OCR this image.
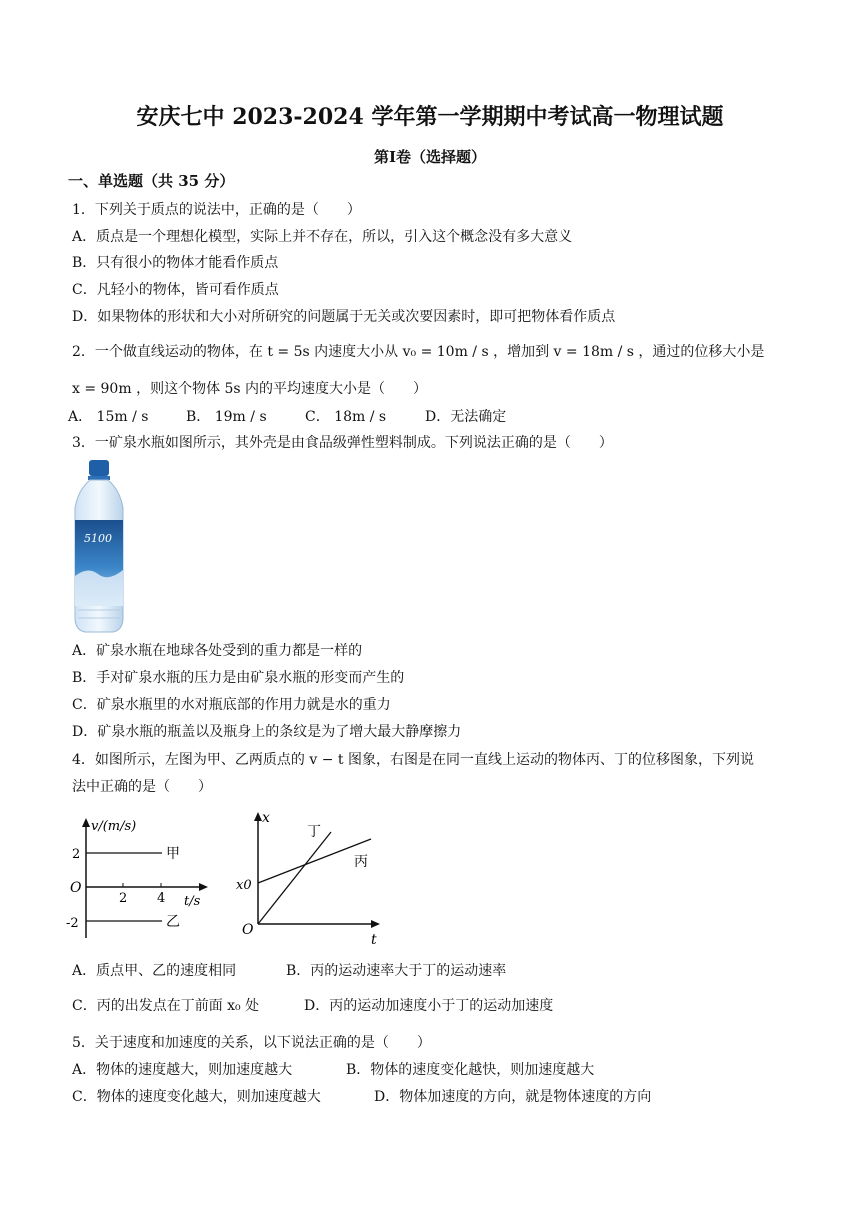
安庆七中 2023-2024 学年第一学期期中考试高一物理试题
第Ⅰ卷（选择题）
一、单选题（共 35 分）
1．下列关于质点的说法中，正确的是（　　）
A．质点是一个理想化模型，实际上并不存在，所以，引入这个概念没有多大意义
B．只有很小的物体才能看作质点
C．凡轻小的物体，皆可看作质点
D．如果物体的形状和大小对所研究的问题属于无关或次要因素时，即可把物体看作质点
2．一个做直线运动的物体，在 t = 5s 内速度大小从 v₀ = 10m / s ，增加到 v = 18m / s ，通过的位移大小是
x = 90m ，则这个物体 5s 内的平均速度大小是（　　）
A． 15m / s	B． 19m / s	C． 18m / s	D．无法确定
3．一矿泉水瓶如图所示，其外壳是由食品级弹性塑料制成。下列说法正确的是（　　）
5100
A．矿泉水瓶在地球各处受到的重力都是一样的
B．手对矿泉水瓶的压力是由矿泉水瓶的形变而产生的
C．矿泉水瓶里的水对瓶底部的作用力就是水的重力
D．矿泉水瓶的瓶盖以及瓶身上的条纹是为了增大最大静摩擦力
4．如图所示，左图为甲、乙两质点的 v − t 图象，右图是在同一直线上运动的物体丙、丁的位移图象，下列说
法中正确的是（　　）
v/(m/s)
2
-2
O
2 4 t/s
甲
乙
x
t
O
x0
丁
丙
A．质点甲、乙的速度相同	B．丙的运动速率大于丁的运动速率
C．丙的出发点在丁前面 x₀ 处	D．丙的运动加速度小于丁的运动加速度
5．关于速度和加速度的关系，以下说法正确的是（　　）
A．物体的速度越大，则加速度越大	B．物体的速度变化越快，则加速度越大
C．物体的速度变化越大，则加速度越大	D．物体加速度的方向，就是物体速度的方向
